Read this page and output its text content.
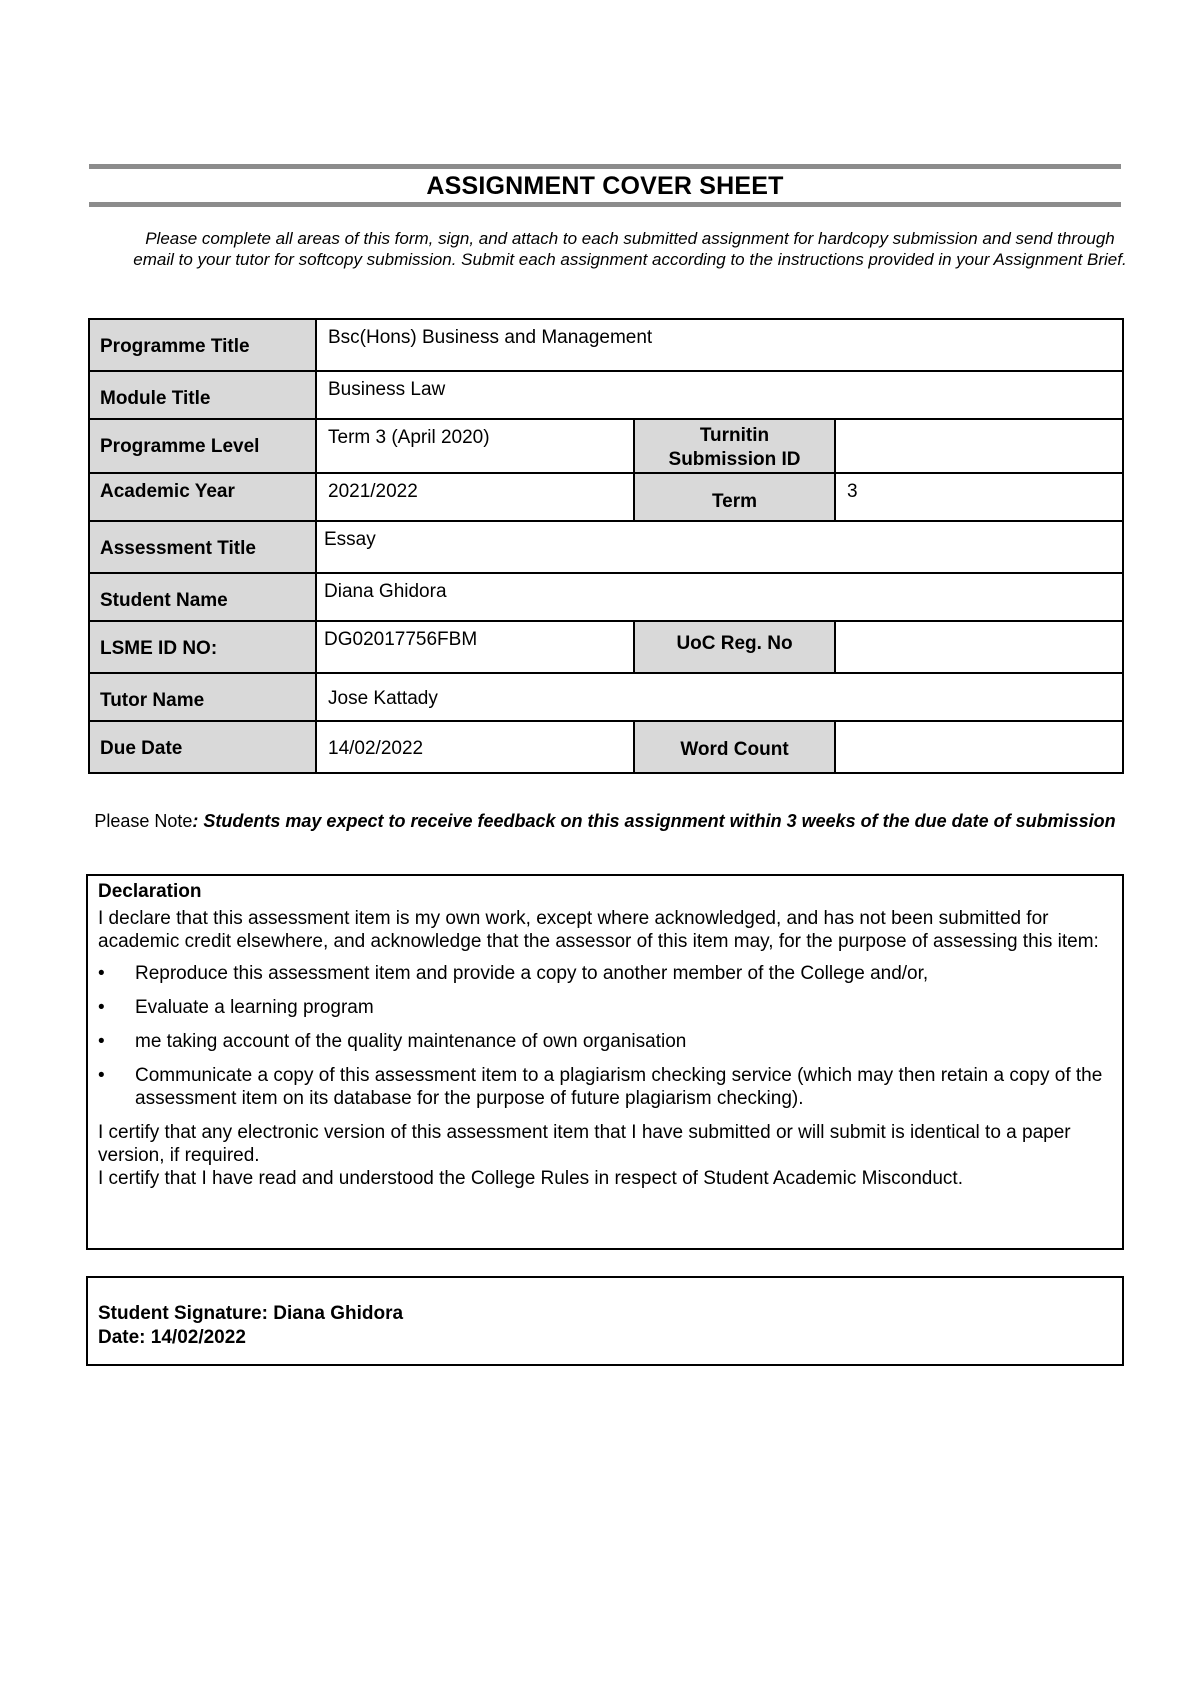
ASSIGNMENT COVER SHEET
Please complete all areas of this form, sign, and attach to each submitted assignment for hardcopy submission and send through email to your tutor for softcopy submission. Submit each assignment according to the instructions provided in your Assignment Brief.
Programme Title	Bsc(Hons) Business and Management		
Module Title	Business Law		
Programme Level	Term 3 (April 2020)	Turnitin
Submission ID	
Academic Year	2021/2022	Term	3
Assessment Title	Essay		
Student Name	Diana Ghidora		
LSME ID NO:	DG02017756FBM	UoC Reg. No	
Tutor Name	Jose Kattady		
Due Date	14/02/2022	Word Count	
Please Note: Students may expect to receive feedback on this assignment within 3 weeks of the due date of submission
Declaration

I declare that this assessment item is my own work, except where acknowledged, and has not been submitted for academic credit elsewhere, and acknowledge that the assessor of this item may, for the purpose of assessing this item:

• Reproduce this assessment item and provide a copy to another member of the College and/or,
• Evaluate a learning program
• me taking account of the quality maintenance of own organisation
• Communicate a copy of this assessment item to a plagiarism checking service (which may then retain a copy of the assessment item on its database for the purpose of future plagiarism checking).

I certify that any electronic version of this assessment item that I have submitted or will submit is identical to a paper version, if required.

I certify that I have read and understood the College Rules in respect of Student Academic Misconduct.

Student Signature: Diana Ghidora
Date: 14/02/2022
